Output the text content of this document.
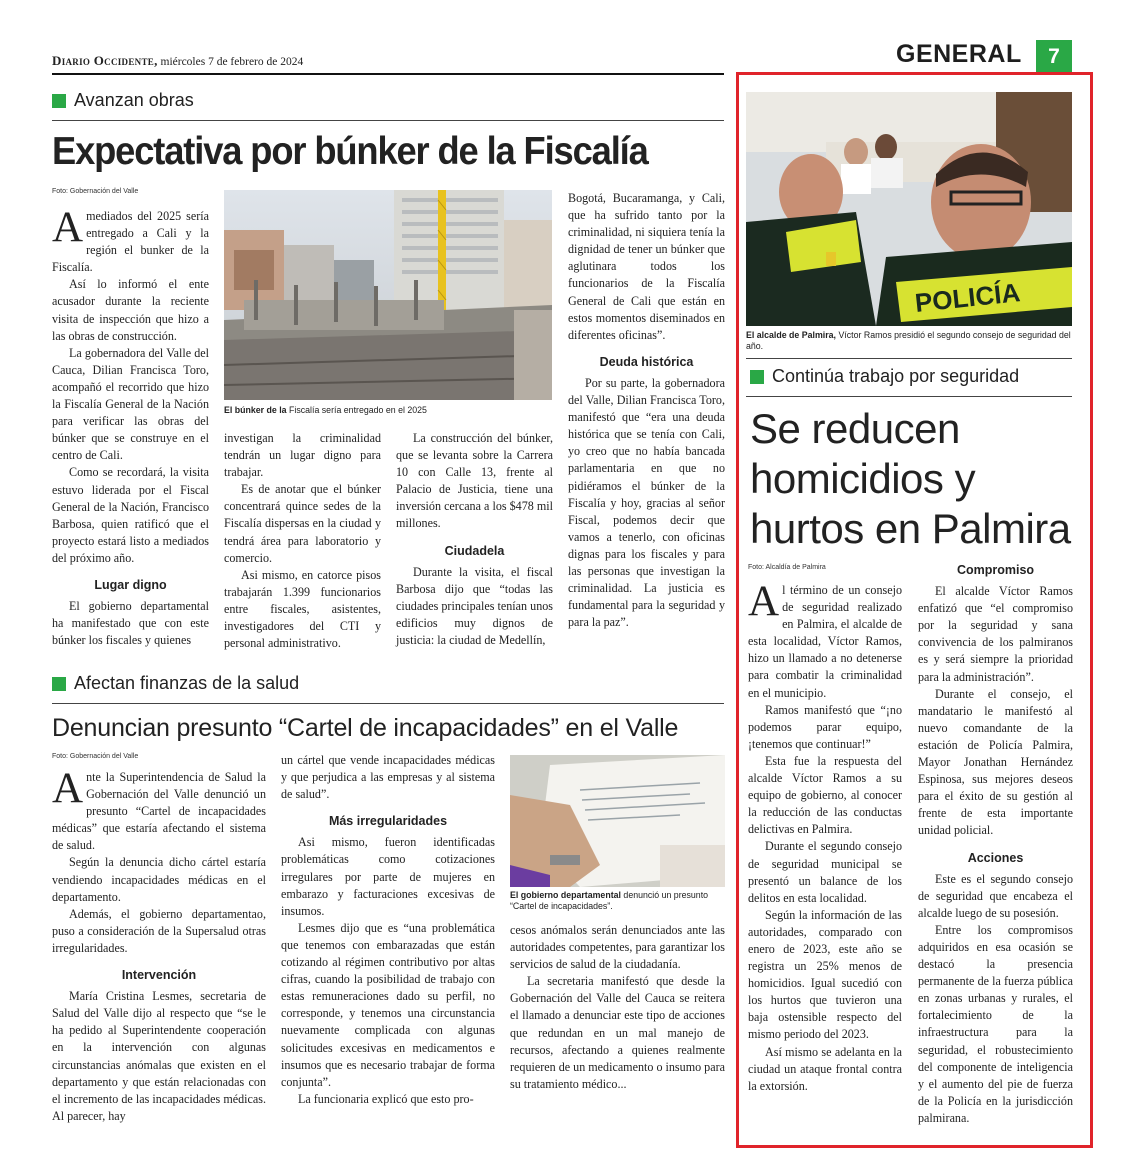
Diario Occidente, miércoles 7 de febrero de 2024	GENERAL	7
Avanzan obras
Expectativa por búnker de la Fiscalía
Foto: Gobernación del Valle

Amediados del 2025 sería entregado a Cali y la región el bunker de la Fiscalía.

Así lo informó el ente acusador durante la reciente visita de inspección que hizo a las obras de construcción.

La gobernadora del Valle del Cauca, Dilian Francisca Toro, acompañó el recorrido que hizo la Fiscalía General de la Nación para verificar las obras del búnker que se construye en el centro de Cali.

Como se recordará, la visita estuvo liderada por el Fiscal General de la Nación, Francisco Barbosa, quien ratificó que el proyecto estará listo a mediados del próximo año.

Lugar digno

El gobierno departamental ha manifestado que con este búnker los fiscales y quienes

El búnker de la Fiscalía sería entregado en el 2025

investigan la criminalidad tendrán un lugar digno para trabajar.

Es de anotar que el búnker concentrará quince sedes de la Fiscalía dispersas en la ciudad y tendrá área para laboratorio y comercio.

Asi mismo, en catorce pisos trabajarán 1.399 funcionarios entre fiscales, asistentes, investigadores del CTI y personal administrativo.

La construcción del búnker, que se levanta sobre la Carrera 10 con Calle 13, frente al Palacio de Justicia, tiene una inversión cercana a los $478 mil millones.

Ciudadela

Durante la visita, el fiscal Barbosa dijo que “todas las ciudades principales tenían unos edificios muy dignos de justicia: la ciudad de Medellín,

Bogotá, Bucaramanga, y Cali, que ha sufrido tanto por la criminalidad, ni siquiera tenía la dignidad de tener un búnker que aglutinara todos los funcionarios de la Fiscalía General de Cali que están en estos momentos diseminados en diferentes oficinas”.

Deuda histórica

Por su parte, la gobernadora del Valle, Dilian Francisca Toro, manifestó que “era una deuda histórica que se tenía con Cali, yo creo que no había bancada parlamentaria en que no pidiéramos el búnker de la Fiscalía y hoy, gracias al señor Fiscal, podemos decir que vamos a tenerlo, con oficinas dignas para los fiscales y para las personas que investigan la criminalidad. La justicia es fundamental para la seguridad y para la paz”.

Afectan finanzas de la salud
Denuncian presunto “Cartel de incapacidades” en el Valle
Foto: Gobernación del Valle

Ante la Superintendencia de Salud la Gobernación del Valle denunció un presunto “Cartel de incapacidades médicas” que estaría afectando el sistema de salud.

Según la denuncia dicho cártel estaría vendiendo incapacidades médicas en el departamento.

Además, el gobierno departamentao, puso a consideración de la Supersalud otras irregularidades.

Intervención

María Cristina Lesmes, secretaria de Salud del Valle dijo al respecto que “se le ha pedido al Superintendente cooperación en la intervención con algunas circunstancias anómalas que existen en el departamento y que están relacionadas con el incremento de las incapacidades médicas. Al parecer, hay

un cártel que vende incapacidades médicas y que perjudica a las empresas y al sistema de salud”.

Más irregularidades

Asi mismo, fueron identificadas problemáticas como cotizaciones irregulares por parte de mujeres en embarazo y facturaciones excesivas de insumos.

Lesmes dijo que es “una problemática que tenemos con embarazadas que están cotizando al régimen contributivo por altas cifras, cuando la posibilidad de trabajo con estas remuneraciones dado su perfil, no corresponde, y tenemos una circunstancia nuevamente complicada con algunas solicitudes excesivas en medicamentos e insumos que es necesario trabajar de forma conjunta”.

La funcionaria explicó que esto pro-

El gobierno departamental denunció un presunto “Cartel de incapacidades”.

cesos anómalos serán denunciados ante las autoridades competentes, para garantizar los servicios de salud de la ciudadanía.

La secretaria manifestó que desde la Gobernación del Valle del Cauca se reitera el llamado a denunciar este tipo de acciones que redundan en un mal manejo de recursos, afectando a quienes realmente requieren de un medicamento o insumo para su tratamiento médico...

POLICÍA
El alcalde de Palmira, Víctor Ramos presidió el segundo consejo de seguridad del año.
Continúa trabajo por seguridad
Se reducen homicidios y hurtos en Palmira
Foto: Alcaldía de Palmira

Al término de un consejo de seguridad realizado en Palmira, el alcalde de esta localidad, Víctor Ramos, hizo un llamado a no detenerse para combatir la criminalidad en el municipio.

Ramos manifestó que “¡no podemos parar equipo, ¡tenemos que continuar!”

Esta fue la respuesta del alcalde Víctor Ramos a su equipo de gobierno, al conocer la reducción de las conductas delictivas en Palmira.

Durante el segundo consejo de seguridad municipal se presentó un balance de los delitos en esta localidad.

Según la información de las autoridades, comparado con enero de 2023, este año se registra un 25% menos de homicidios. Igual sucedió con los hurtos que tuvieron una baja ostensible respecto del mismo periodo del 2023.

Así mismo se adelanta en la ciudad un ataque frontal contra la extorsión.

Compromiso

El alcalde Víctor Ramos enfatizó que “el compromiso por la seguridad y sana convivencia de los palmiranos es y será siempre la prioridad para la administración”.

Durante el consejo, el mandatario le manifestó al nuevo comandante de la estación de Policía Palmira, Mayor Jonathan Hernández Espinosa, sus mejores deseos para el éxito de su gestión al frente de esta importante unidad policial.

Acciones

Este es el segundo consejo de seguridad que encabeza el alcalde luego de su posesión.

Entre los compromisos adquiridos en esa ocasión se destacó la presencia permanente de la fuerza pública en zonas urbanas y rurales, el fortalecimiento de la infraestructura para la seguridad, el robustecimiento del componente de inteligencia y el aumento del pie de fuerza de la Policía en la jurisdicción palmirana.
